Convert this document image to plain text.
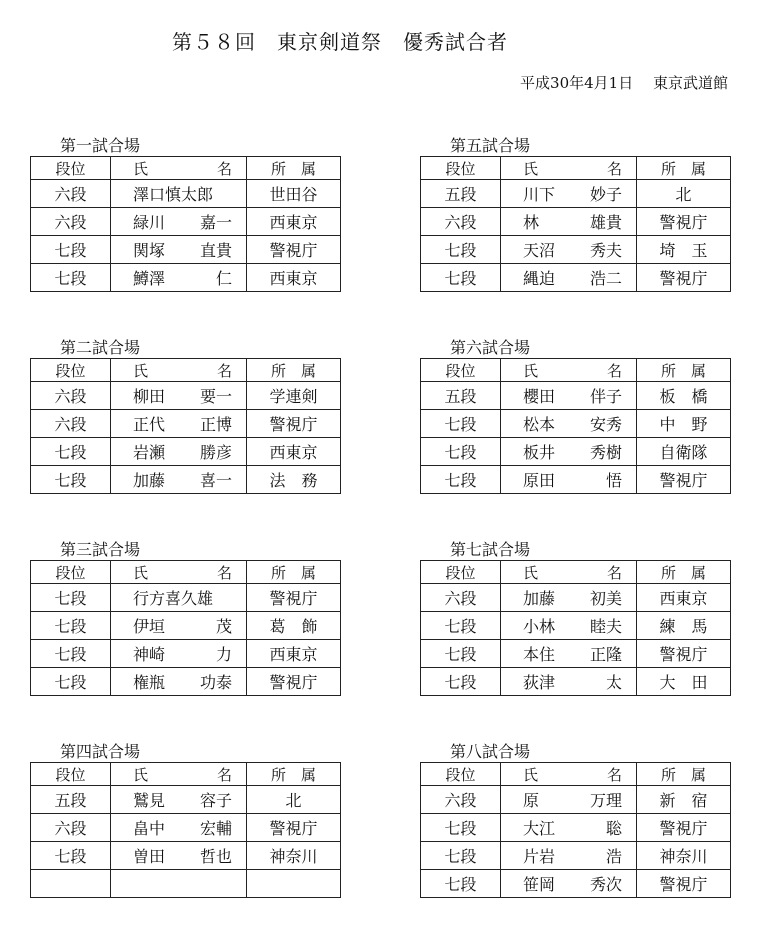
第５８回　東京剣道祭　優秀試合者
平成30年4月1日　 東京武道館
第一試合場
段位	氏 名	所　属
六段	澤口慎太郎	世田谷
六段	緑川 嘉一	西東京
七段	関塚 直貴	警視庁
七段	鱒澤 仁	西東京
第五試合場
段位	氏 名	所　属
五段	川下 妙子	北
六段	林 雄貴	警視庁
七段	天沼 秀夫	埼　玉
七段	縄迫 浩二	警視庁
第二試合場
段位	氏 名	所　属
六段	柳田 要一	学連剣
六段	正代 正博	警視庁
七段	岩瀬 勝彦	西東京
七段	加藤 喜一	法　務
第六試合場
段位	氏 名	所　属
五段	櫻田 伴子	板　橋
七段	松本 安秀	中　野
七段	板井 秀樹	自衛隊
七段	原田 悟	警視庁
第三試合場
段位	氏 名	所　属
七段	行方喜久雄	警視庁
七段	伊垣 茂	葛　飾
七段	神崎 力	西東京
七段	権瓶 功泰	警視庁
第七試合場
段位	氏 名	所　属
六段	加藤 初美	西東京
七段	小林 睦夫	練　馬
七段	本住 正隆	警視庁
七段	荻津 太	大　田
第四試合場
段位	氏 名	所　属
五段	鷲見 容子	北
六段	畠中 宏輔	警視庁
七段	曽田 哲也	神奈川

第八試合場
段位	氏 名	所　属
六段	原 万理	新　宿
七段	大江 聡	警視庁
七段	片岩 浩	神奈川
七段	笹岡 秀次	警視庁
